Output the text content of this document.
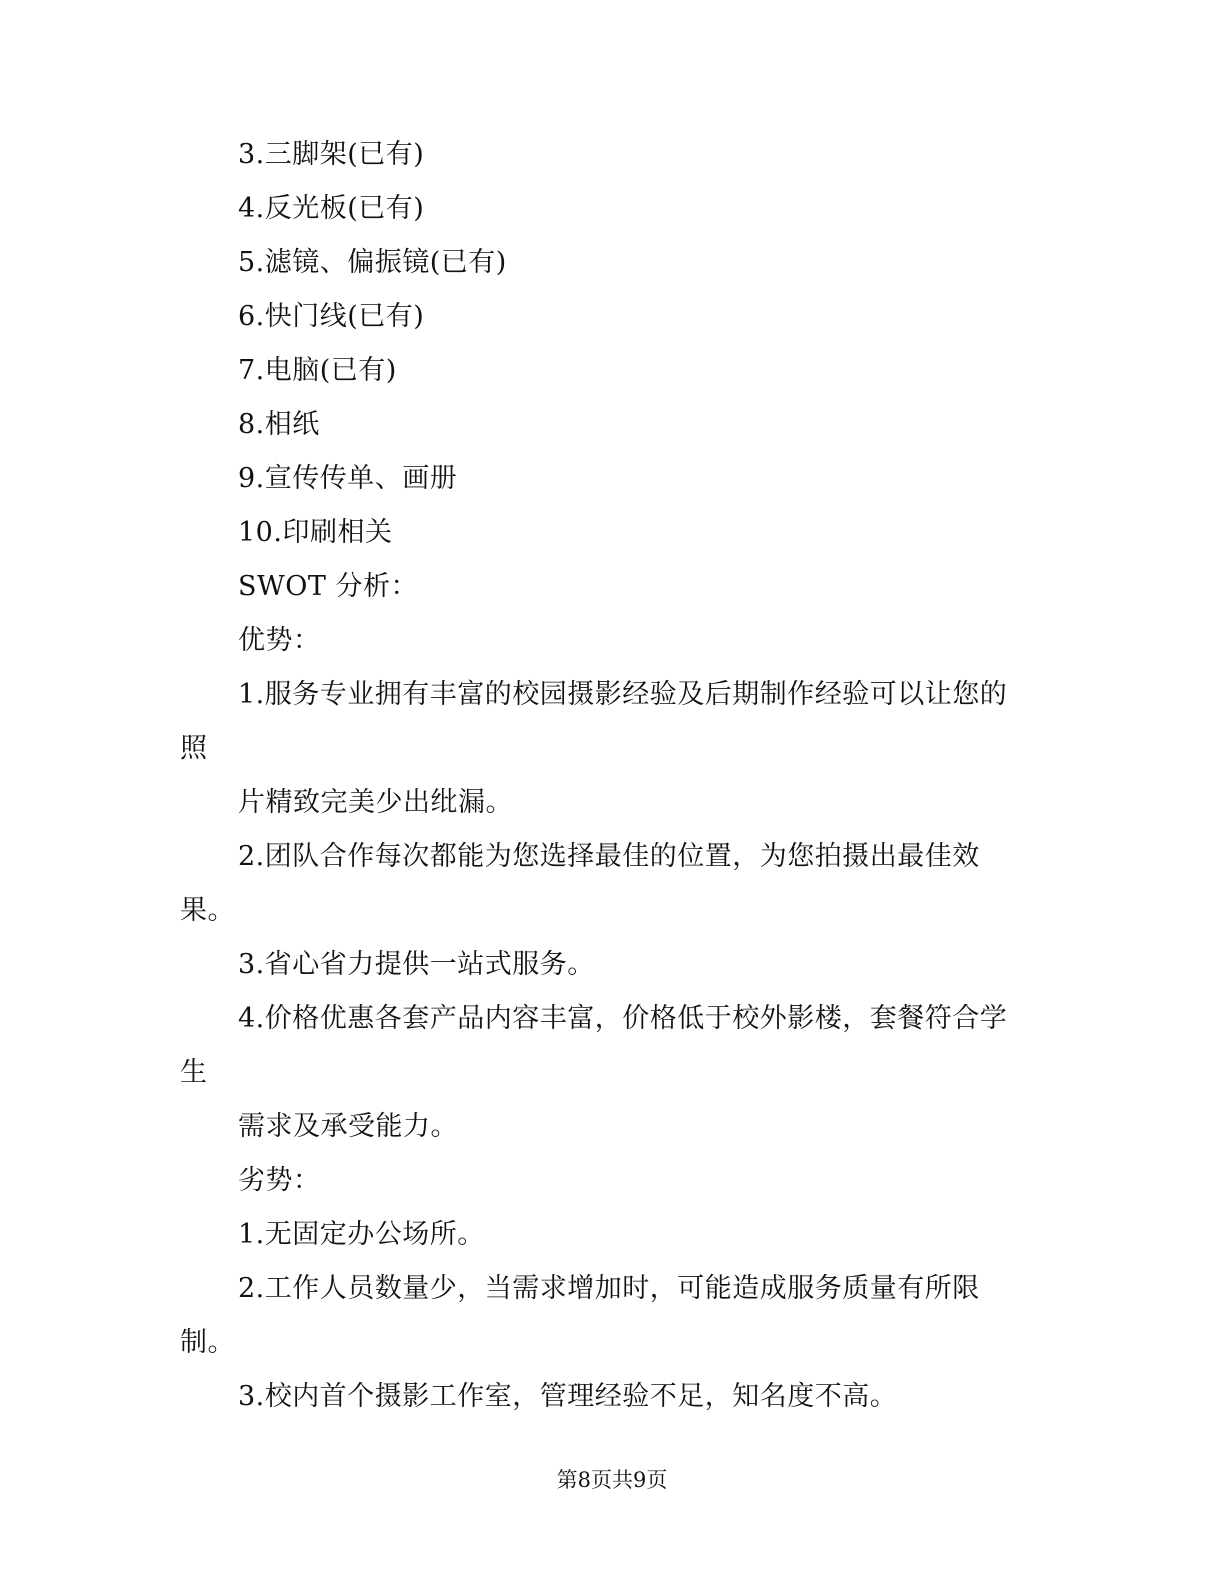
3.三脚架(已有)
4.反光板(已有)
5.滤镜、偏振镜(已有)
6.快门线(已有)
7.电脑(已有)
8.相纸
9.宣传传单、画册
10.印刷相关
SWOT 分析：
优势：
1.服务专业拥有丰富的校园摄影经验及后期制作经验可以让您的
照
片精致完美少出纰漏。
2.团队合作每次都能为您选择最佳的位置，为您拍摄出最佳效
果。
3.省心省力提供一站式服务。
4.价格优惠各套产品内容丰富，价格低于校外影楼，套餐符合学
生
需求及承受能力。
劣势：
1.无固定办公场所。
2.工作人员数量少，当需求增加时，可能造成服务质量有所限
制。
3.校内首个摄影工作室，管理经验不足，知名度不高。
第8页共9页
